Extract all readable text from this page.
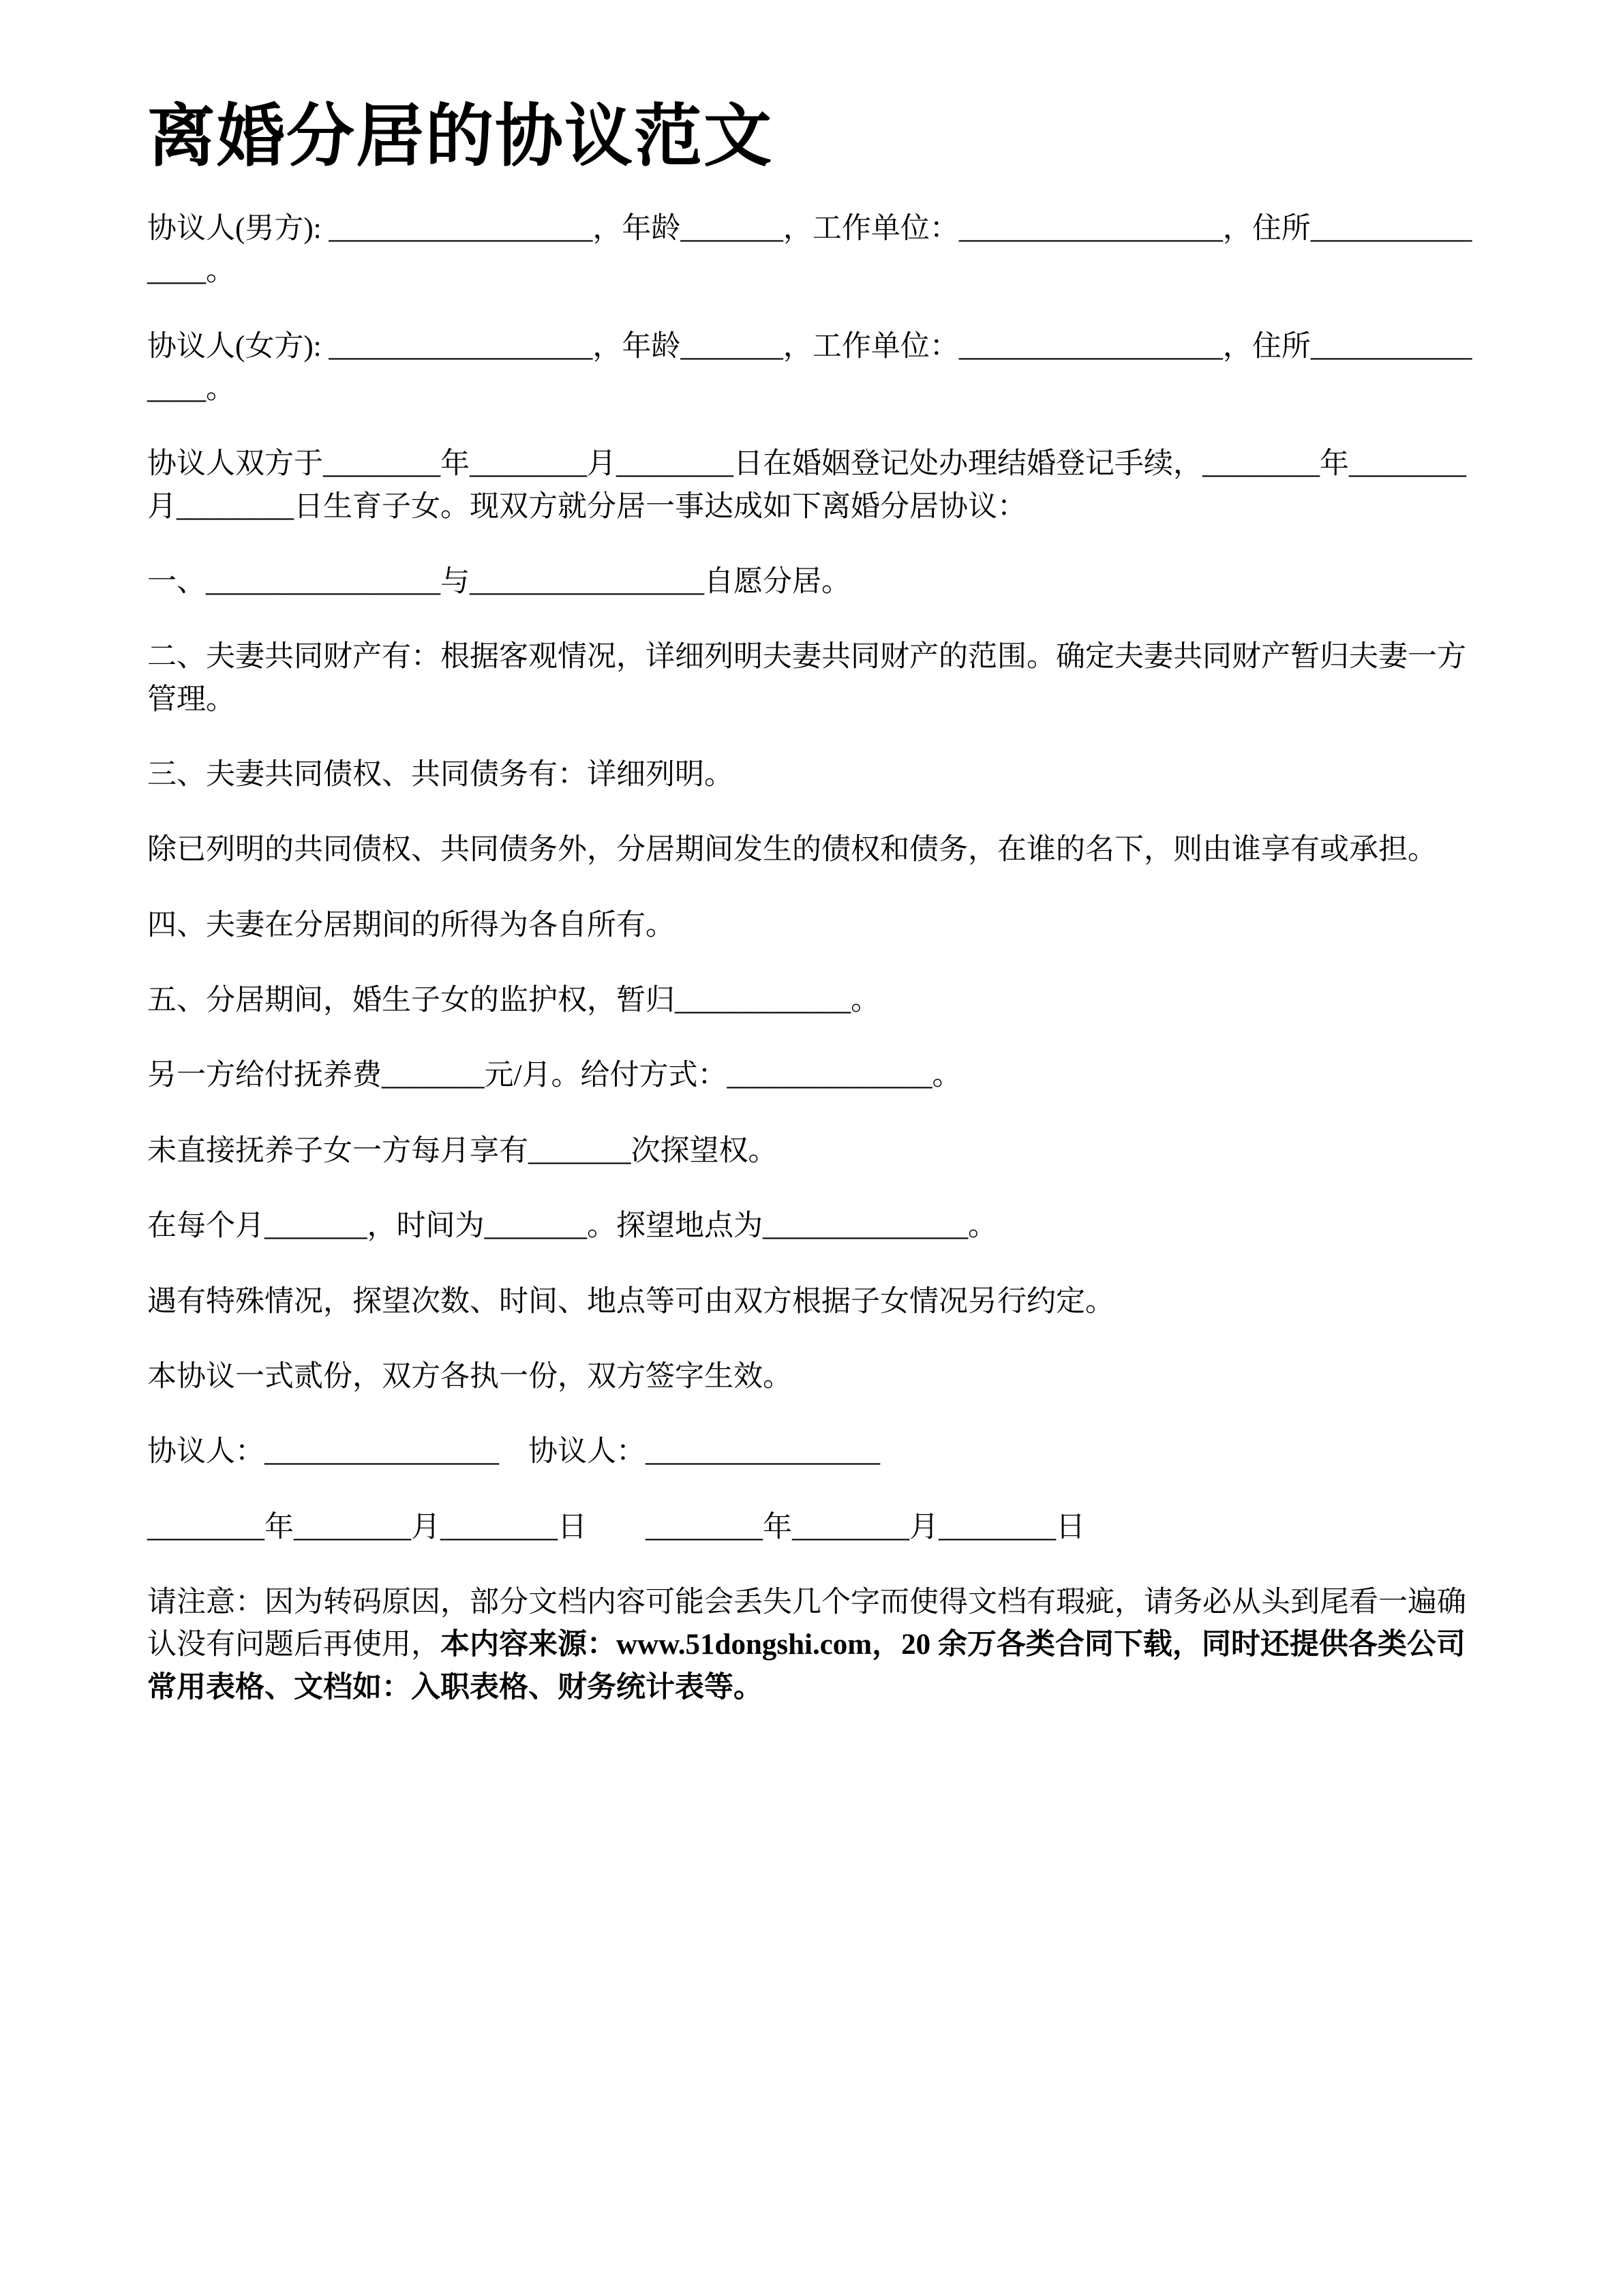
离婚分居的协议范文

协议人(男方): __________________，年龄_______，工作单位：__________________，住所_______________。

协议人(女方): __________________，年龄_______，工作单位：__________________，住所_______________。

协议人双方于________年________月________日在婚姻登记处办理结婚登记手续，________年________月________日生育子女。现双方就分居一事达成如下离婚分居协议：

一、________________与________________自愿分居。

二、夫妻共同财产有：根据客观情况，详细列明夫妻共同财产的范围。确定夫妻共同财产暂归夫妻一方管理。

三、夫妻共同债权、共同债务有：详细列明。

除已列明的共同债权、共同债务外，分居期间发生的债权和债务，在谁的名下，则由谁享有或承担。

四、夫妻在分居期间的所得为各自所有。

五、分居期间，婚生子女的监护权，暂归____________。

另一方给付抚养费_______元/月。给付方式：______________。

未直接抚养子女一方每月享有_______次探望权。

在每个月_______，时间为_______。探望地点为______________。

遇有特殊情况，探望次数、时间、地点等可由双方根据子女情况另行约定。

本协议一式贰份，双方各执一份，双方签字生效。

协议人：________________　协议人：________________

________年________月________日　　________年________月________日

请注意：因为转码原因，部分文档内容可能会丢失几个字而使得文档有瑕疵，请务必从头到尾看一遍确认没有问题后再使用，本内容来源：www.51dongshi.com，20 余万各类合同下载，同时还提供各类公司常用表格、文档如：入职表格、财务统计表等。
